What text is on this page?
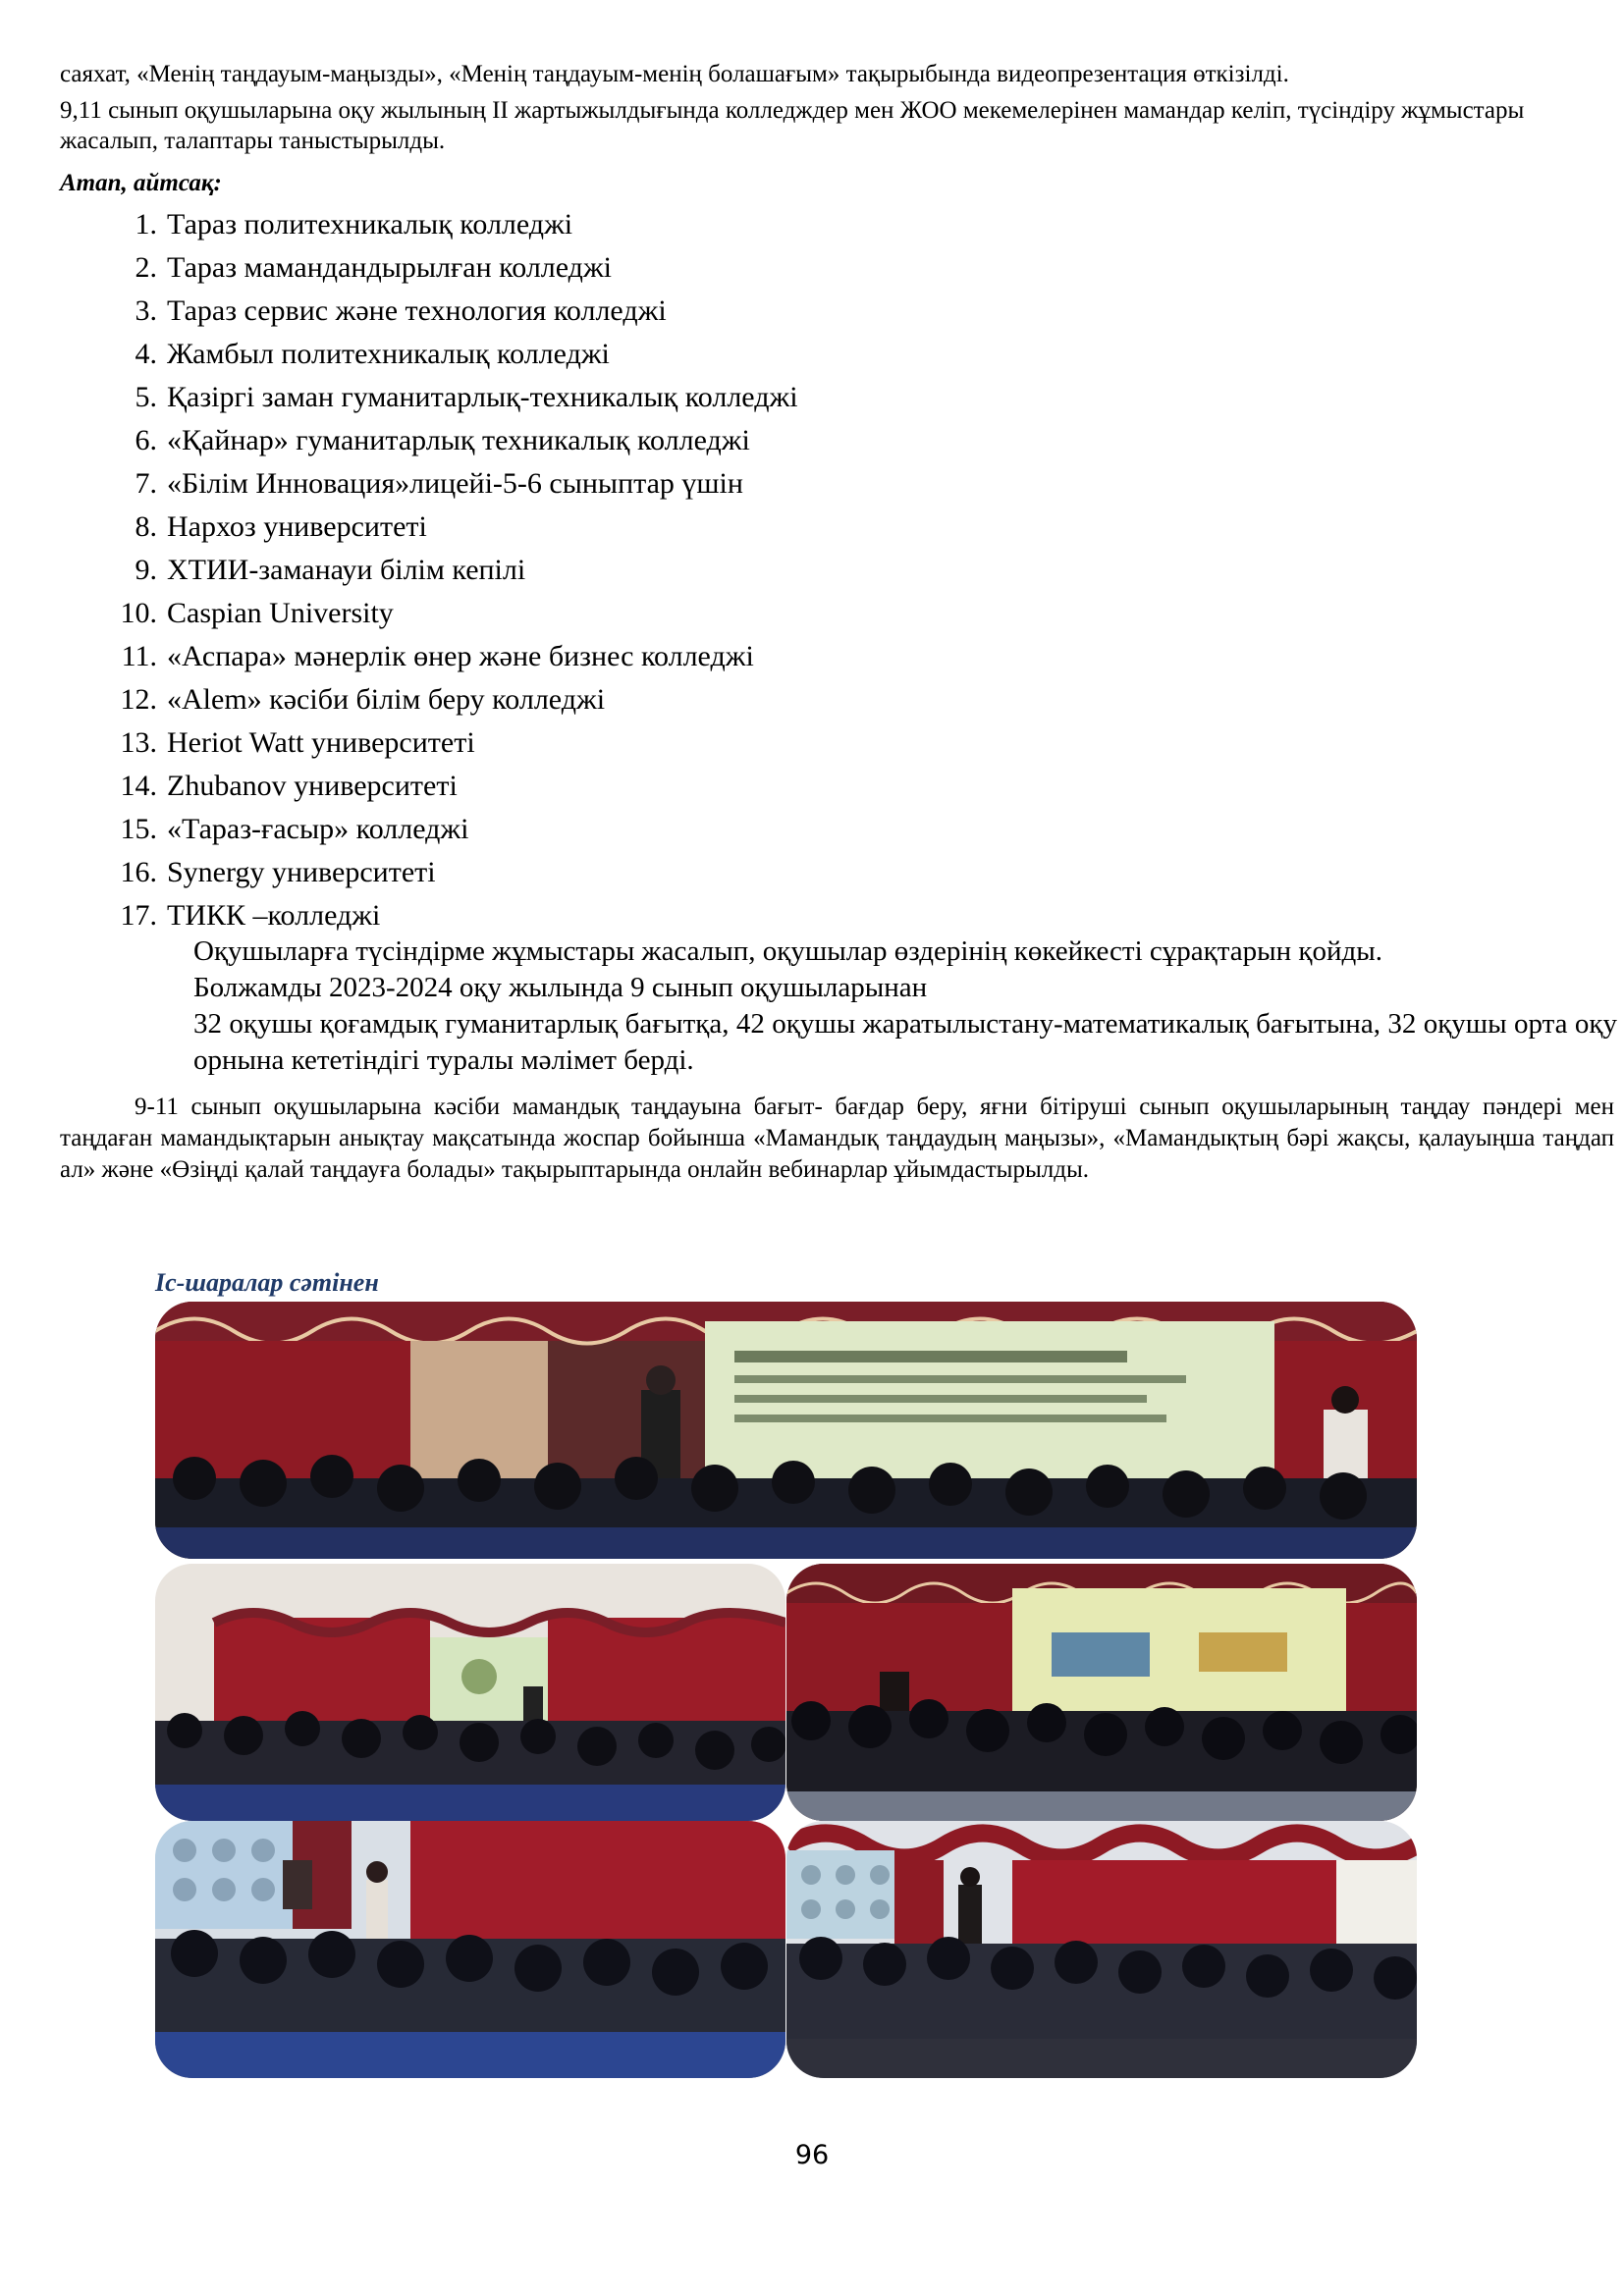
саяхат, «Менің таңдауым-маңызды», «Менің таңдауым-менің болашағым» тақырыбында видеопрезентация өткізілді.

9,11 сынып оқушыларына оқу жылының ІІ жартыжылдығында колледждер мен ЖОО мекемелерінен мамандар келіп, түсіндіру жұмыстары жасалып, талаптары таныстырылды.

Атап, айтсақ:
1. Тараз политехникалық колледжі
2. Тараз мамандандырылған колледжі
3. Тараз сервис және технология колледжі
4. Жамбыл политехникалық колледжі
5. Қазіргі заман гуманитарлық-техникалық колледжі
6. «Қайнар» гуманитарлық техникалық колледжі
7. «Білім Инновация»лицейі-5-6 сыныптар үшін
8. Нархоз университеті
9. ХТИИ-заманауи білім кепілі
10. Caspian University
11. «Аспара» мәнерлік өнер және бизнес колледжі
12. «Alem» кәсіби білім беру колледжі
13. Heriot Watt университеті
14. Zhubanov университеті
15. «Тараз-ғасыр» колледжі
16. Synergy университеті
17. ТИКК –колледжі
Оқушыларға түсіндірме жұмыстары жасалып, оқушылар өздерінің көкейкесті сұрақтарын қойды.
Болжамды 2023-2024 оқу жылында 9 сынып оқушыларынан
32 оқушы қоғамдық гуманитарлық бағытқа, 42 оқушы жаратылыстану-математикалық бағытына, 32 оқушы орта оқу орнына кететіндігі туралы мәлімет берді.

9-11 сынып оқушыларына кәсіби мамандық таңдауына бағыт- бағдар беру, яғни бітіруші сынып оқушыларының таңдау пәндері мен таңдаған мамандықтарын анықтау мақсатында жоспар бойынша «Мамандық таңдаудың маңызы», «Мамандықтың бәрі жақсы, қалауыңша таңдап ал» және «Өзіңді қалай таңдауға болады» тақырыптарында онлайн вебинарлар ұйымдастырылды.

Іс-шаралар сәтінен
96
